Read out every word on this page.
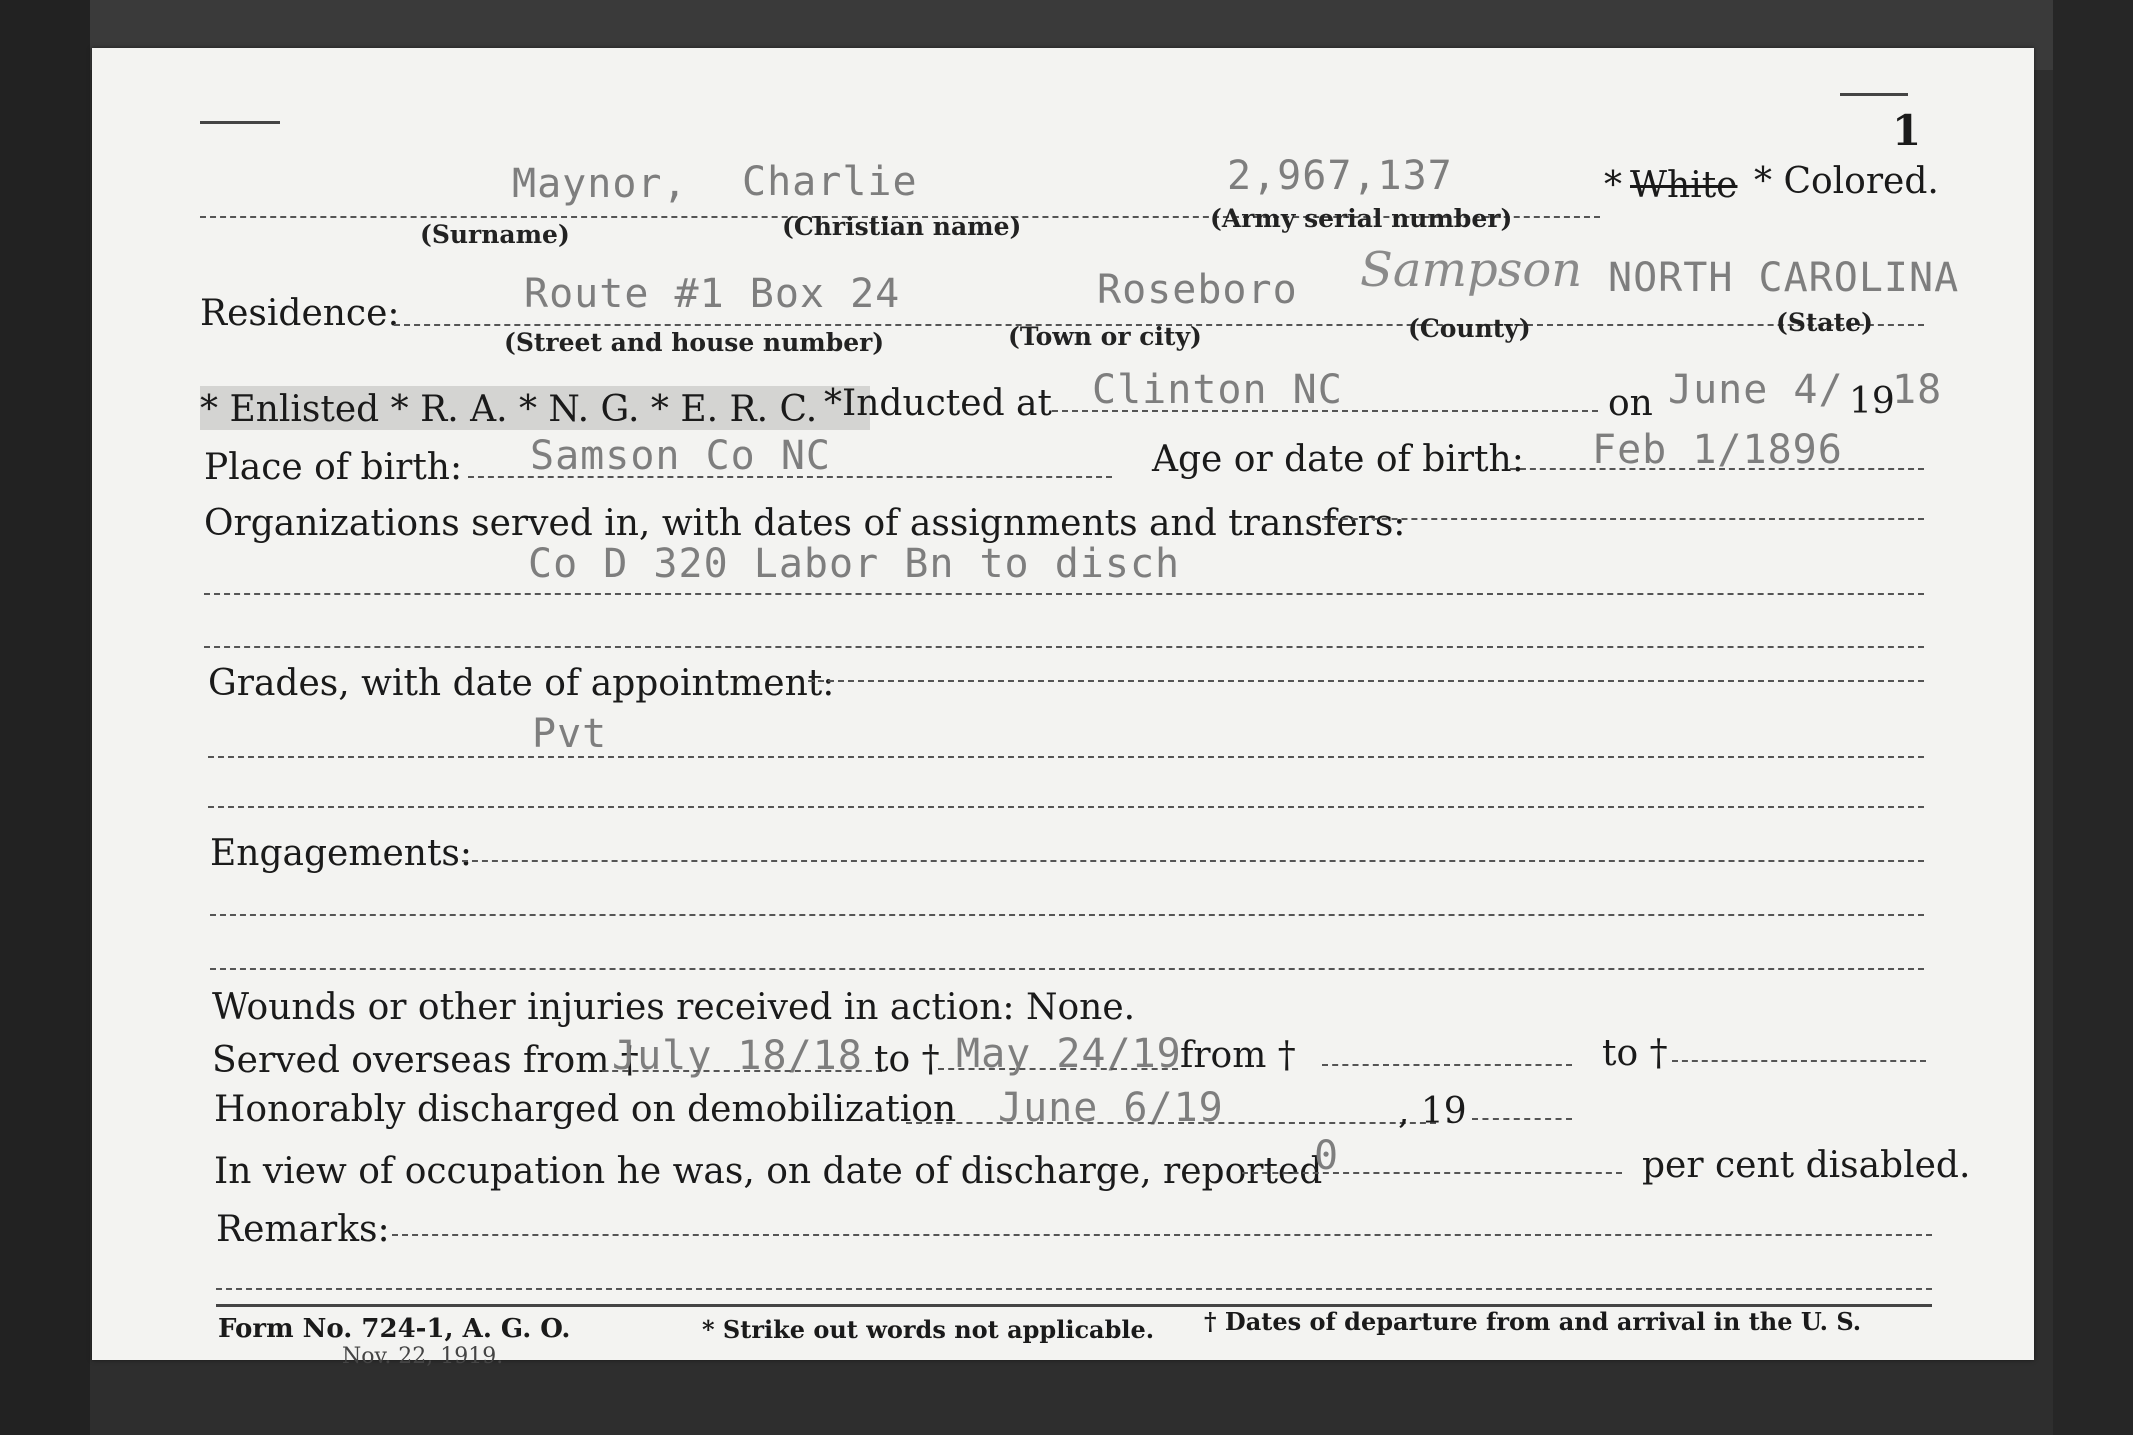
1
Maynor, Charlie	2,967,137	* White * Colored.
(Surname)	(Christian name)	(Army serial number)
Residence:	Route #1 Box 24	Roseboro Sampson NORTH CAROLINA
(Street and house number)	(Town or city)	(County)	(State)
* Enlisted * R. A. * N. G. * E. R. C. *Inducted at Clinton NC	on June 4/ 19
18
Place of birth: Samson Co NC	Age or date of birth: Feb 1/1896
Organizations served in, with dates of assignments and transfers:
Co D 320 Labor Bn to disch
Grades, with date of appointment:
Pvt
Engagements:
Wounds or other injuries received in action: None.
Served overseas from †
July 18/18 to † May 24/19
from †	to †
Honorably discharged on demobilization June 6/19	, 19
In view of occupation he was, on date of discharge, reported
0	per cent disabled.
Remarks:
Form No. 724-1, A. G. O.
Nov. 22, 1919.
* Strike out words not applicable. † Dates of departure from and arrival in the U. S.
